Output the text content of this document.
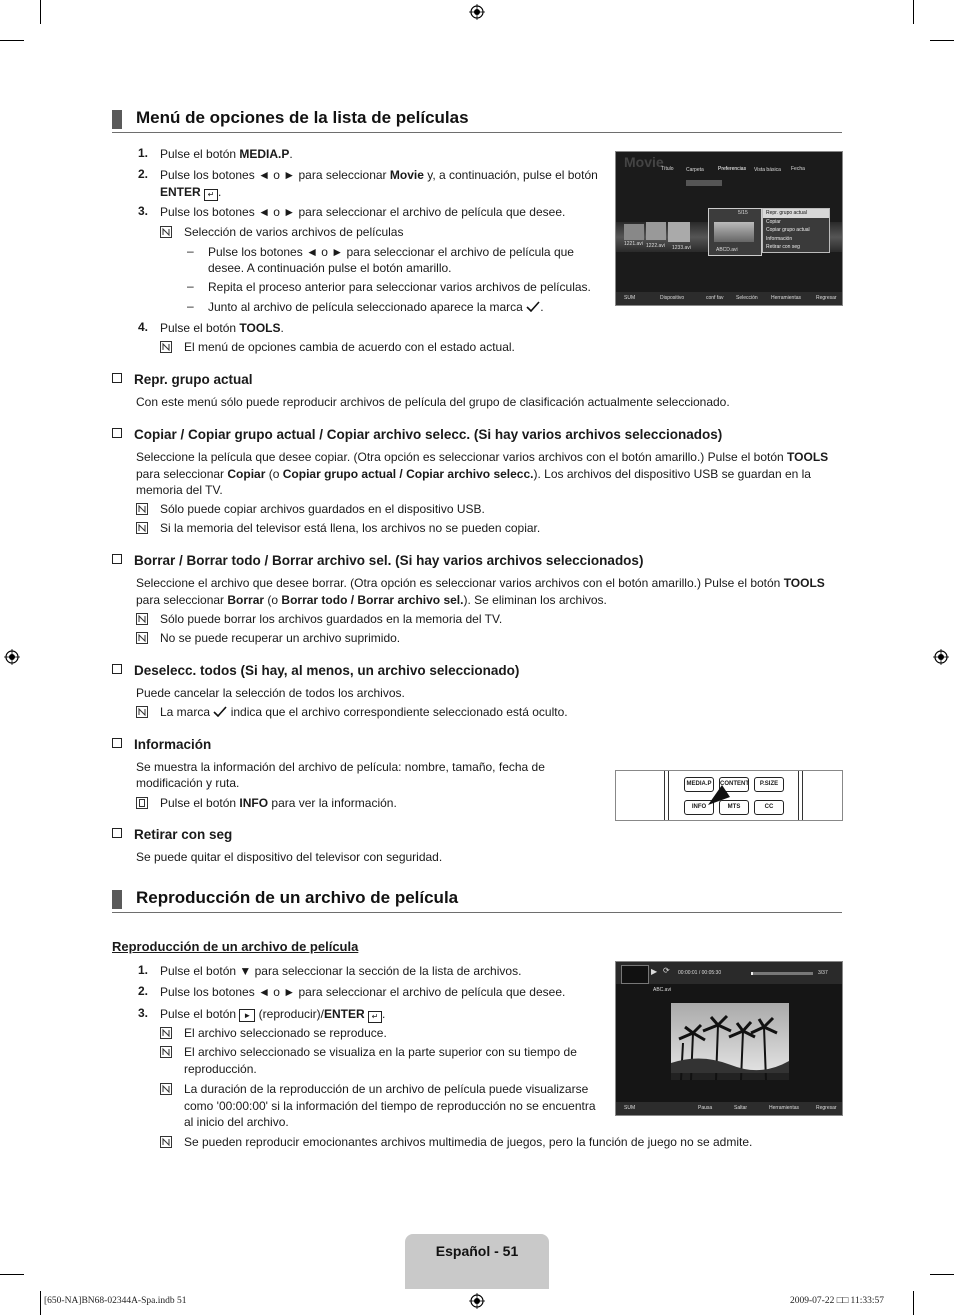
Menú de opciones de la lista de películas
1. Pulse el botón MEDIA.P.
2. Pulse los botones ◄ o ► para seleccionar Movie y, a continuación, pulse el botón
ENTER ↵ .
3. Pulse los botones ◄ o ► para seleccionar el archivo de película que desee.
Selección de varios archivos de películas
– Pulse los botones ◄ o ► para seleccionar el archivo de película que
desee. A continuación pulse el botón amarillo.
– Repita el proceso anterior para seleccionar varios archivos de películas.
– Junto al archivo de película seleccionado aparece la marca .
4. Pulse el botón TOOLS.
El menú de opciones cambia de acuerdo con el estado actual.
Movie
Título Carpeta	Preferencias Vista básica Fecha
1221.avi 1222.avi 1233.avi	ABCD.avi
5/15	Repr. grupo actual
Copiar
Copiar grupo actual
Información
Retirar con seg
SUM	Dispositivo	conf fav Selección	Herramientas	Regresar
Repr. grupo actual
Con este menú sólo puede reproducir archivos de película del grupo de clasificación actualmente seleccionado.
Copiar / Copiar grupo actual / Copiar archivo selecc. (Si hay varios archivos seleccionados)
Seleccione la película que desee copiar. (Otra opción es seleccionar varios archivos con el botón amarillo.) Pulse el botón TOOLS
para seleccionar Copiar (o Copiar grupo actual / Copiar archivo selecc.). Los archivos del dispositivo USB se guardan en la
memoria del TV.
Sólo puede copiar archivos guardados en el dispositivo USB.
Si la memoria del televisor está llena, los archivos no se pueden copiar.
Borrar / Borrar todo / Borrar archivo sel. (Si hay varios archivos seleccionados)
Seleccione el archivo que desee borrar. (Otra opción es seleccionar varios archivos con el botón amarillo.) Pulse el botón TOOLS
para seleccionar Borrar (o Borrar todo / Borrar archivo sel.). Se eliminan los archivos.
Sólo puede borrar los archivos guardados en la memoria del TV.
No se puede recuperar un archivo suprimido.
Deselecc. todos (Si hay, al menos, un archivo seleccionado)
Puede cancelar la selección de todos los archivos.
La marca indica que el archivo correspondiente seleccionado está oculto.
Información
Se muestra la información del archivo de película: nombre, tamaño, fecha de
modificación y ruta.
Pulse el botón INFO para ver la información.
MEDIA.P	CONTENT	P.SIZE
INFO	MTS	CC
Retirar con seg
Se puede quitar el dispositivo del televisor con seguridad.
Reproducción de un archivo de película
Reproducción de un archivo de película
1. Pulse el botón ▼ para seleccionar la sección de la lista de archivos.
2. Pulse los botones ◄ o ► para seleccionar el archivo de película que desee.
3. Pulse el botón ► (reproducir)/ENTER ↵ .
El archivo seleccionado se reproduce.
El archivo seleccionado se visualiza en la parte superior con su tiempo de
reproducción.
La duración de la reproducción de un archivo de película puede visualizarse
como '00:00:00' si la información del tiempo de reproducción no se encuentra
al inicio del archivo.
Se pueden reproducir emocionantes archivos multimedia de juegos, pero la función de juego no se admite.
▶ ⟳ 00:00:01 / 00:05:30	3/37
ABC.avi
SUM	Pausa	Saltar	Herramientas	Regresar
Español - 51
[650-NA]BN68-02344A-Spa.indb 51	2009-07-22 □□ 11:33:57
